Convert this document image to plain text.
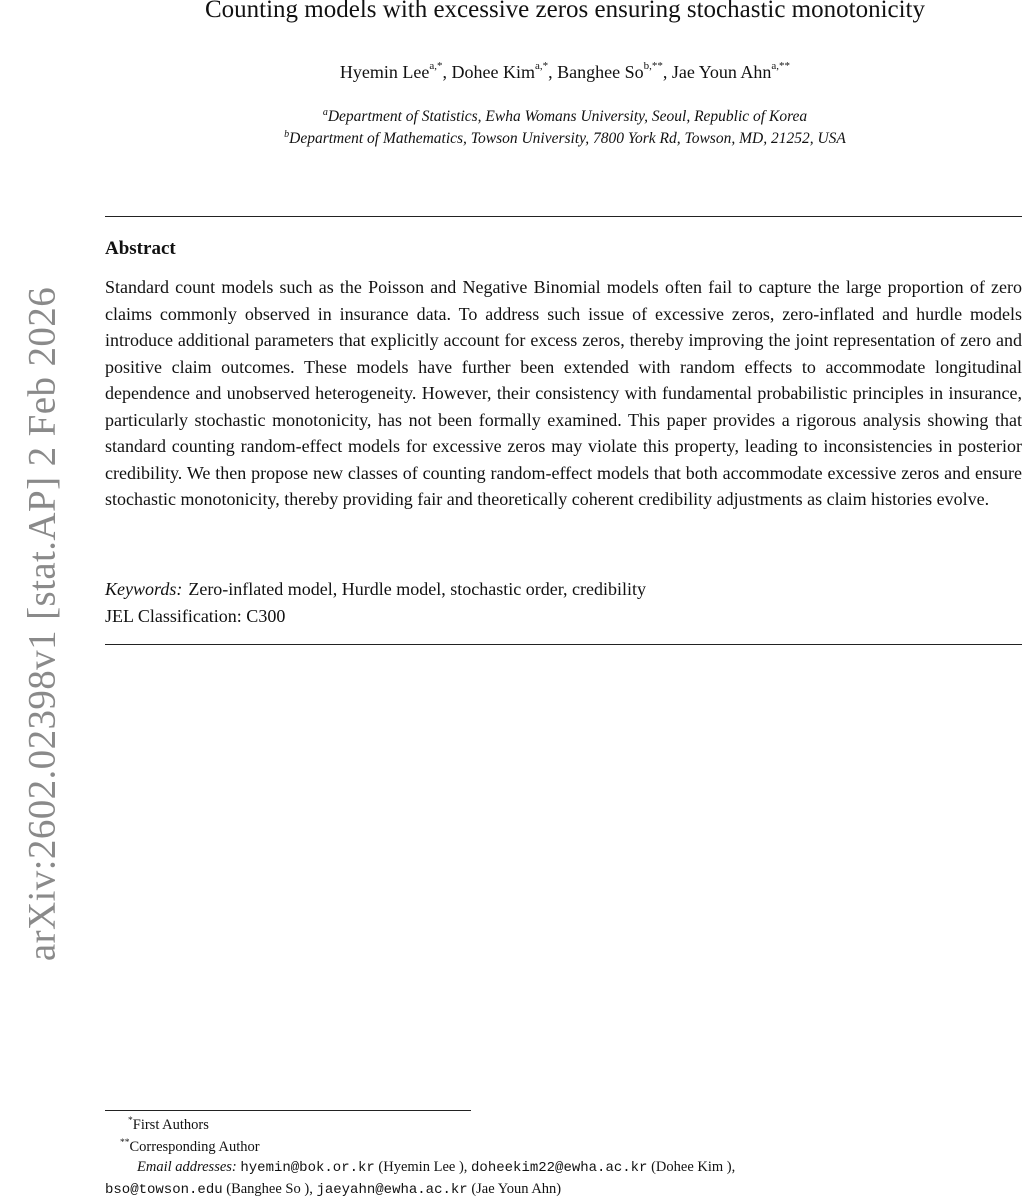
arXiv:2602.02398v1 [stat.AP] 2 Feb 2026
Counting models with excessive zeros ensuring stochastic monotonicity
Hyemin Lee$^{a,*}$, Dohee Kim$^{a,*}$, Banghee $So^{b,**}$, Jae Youn Ahn$^{a,**}$
$^a$Department of Statistics, Ewha Womans University, Seoul, Republic of Korea
$^b$Department of Mathematics, Towson University, 7800 York Rd, Towson, MD, 21252, USA
Abstract

Standard count models such as the Poisson and Negative Binomial models often fail to capture the large proportion of zero claims commonly observed in insurance data. To address such issue of excessive zeros, zero-inflated and hurdle models introduce additional parameters that explicitly account for excess zeros, thereby improving the joint representation of zero and positive claim outcomes. These models have further been extended with random effects to accommodate longitudinal dependence and unobserved heterogeneity. However, their consistency with fundamental probabilistic principles in insurance, particularly stochastic monotonicity, has not been formally examined. This paper provides a rigorous analysis showing that standard counting random-effect models for excessive zeros may violate this property, leading to inconsistencies in posterior credibility. We then propose new classes of counting random-effect models that both accommodate excessive zeros and ensure stochastic monotonicity, thereby providing fair and theoretically coherent credibility adjustments as claim histories evolve.

Keywords: Zero-inflated model, Hurdle model, stochastic order, credibility
JEL Classification: C300
*First Authors
**Corresponding Author
Email addresses: hyemin@bok.or.kr (Hyemin Lee ), doheekim22@ewha.ac.kr (Dohee Kim ),
bso@towson.edu (Banghee So ), jaeyahn@ewha.ac.kr (Jae Youn Ahn)
